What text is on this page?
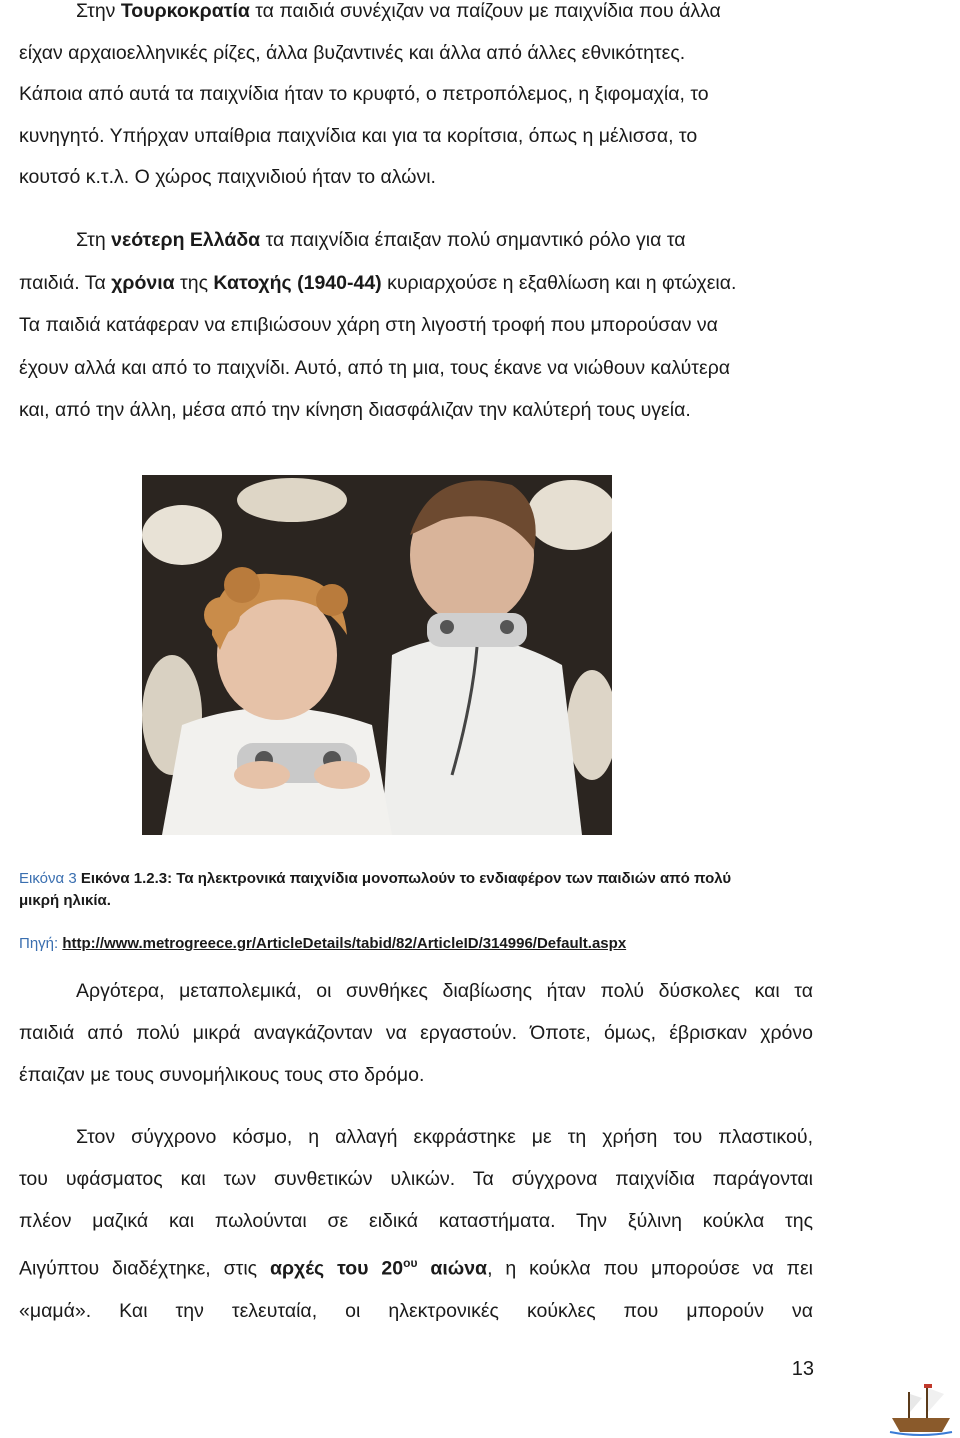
Στην Τουρκοκρατία τα παιδιά συνέχιζαν να παίζουν με παιχνίδια που άλλα
είχαν αρχαιοελληνικές ρίζες, άλλα βυζαντινές και άλλα από άλλες εθνικότητες.
Κάποια από αυτά τα παιχνίδια ήταν το κρυφτό, ο πετροπόλεμος, η ξιφομαχία, το
κυνηγητό. Υπήρχαν υπαίθρια παιχνίδια και για τα κορίτσια, όπως η μέλισσα, το
κουτσό κ.τ.λ. Ο χώρος παιχνιδιού ήταν το αλώνι.
Στη νεότερη Ελλάδα τα παιχνίδια έπαιξαν πολύ σημαντικό ρόλο για τα
παιδιά. Τα χρόνια της Κατοχής (1940-44) κυριαρχούσε η εξαθλίωση και η φτώχεια.
Τα παιδιά κατάφεραν να επιβιώσουν χάρη στη λιγοστή τροφή που μπορούσαν να
έχουν αλλά και από το παιχνίδι. Αυτό, από τη μια, τους έκανε να νιώθουν καλύτερα
και, από την άλλη, μέσα από την κίνηση διασφάλιζαν την καλύτερή τους υγεία.
Εικόνα 3 Εικόνα 1.2.3: Τα ηλεκτρονικά παιχνίδια μονοπωλούν το ενδιαφέρον των παιδιών από πολύ
μικρή ηλικία.
Πηγή: http://www.metrogreece.gr/ArticleDetails/tabid/82/ArticleID/314996/Default.aspx
Αργότερα, μεταπολεμικά, οι συνθήκες διαβίωσης ήταν πολύ δύσκολες και τα
παιδιά από πολύ μικρά αναγκάζονταν να εργαστούν. Όποτε, όμως, έβρισκαν χρόνο
έπαιζαν με τους συνομήλικους τους στο δρόμο.
Στον σύγχρονο κόσμο, η αλλαγή εκφράστηκε με τη χρήση του πλαστικού,
του υφάσματος και των συνθετικών υλικών. Τα σύγχρονα παιχνίδια παράγονται
πλέον μαζικά και πωλούνται σε ειδικά καταστήματα. Την ξύλινη κούκλα της
Αιγύπτου διαδέχτηκε, στις αρχές του $20^{o\upsilon}$ αιώνα, η κούκλα που μπορούσε να πει
«μαμά». Και την τελευταία, οι ηλεκτρονικές κούκλες που μπορούν να
13
